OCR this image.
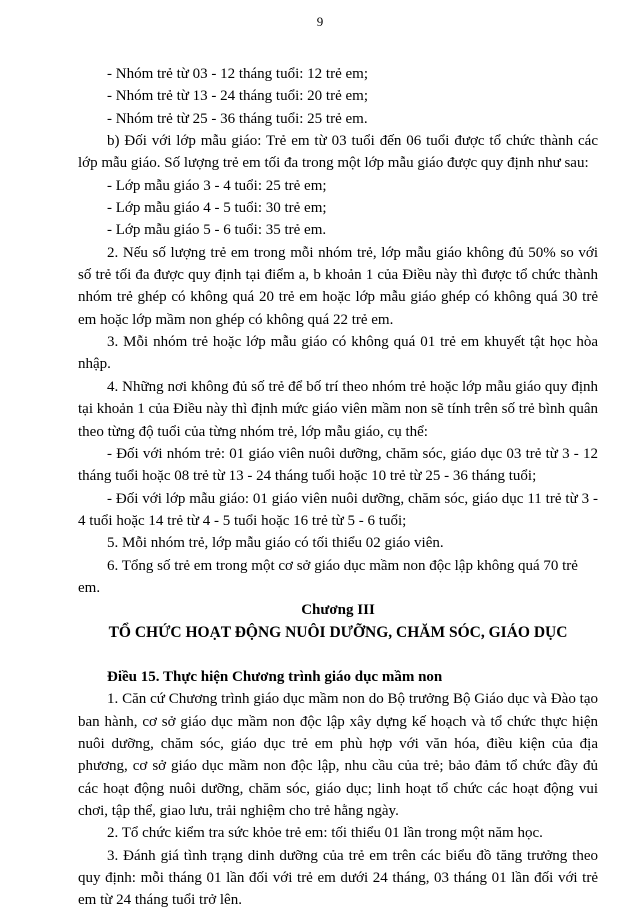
9

- Nhóm trẻ từ 03 - 12 tháng tuổi: 12 trẻ em;

- Nhóm trẻ từ 13 - 24 tháng tuổi: 20 trẻ em;

- Nhóm trẻ từ 25 - 36 tháng tuổi: 25 trẻ em.

b) Đối với lớp mẫu giáo: Trẻ em từ 03 tuổi đến 06 tuổi được tổ chức thành các lớp mẫu giáo. Số lượng trẻ em tối đa trong một lớp mẫu giáo được quy định như sau:

- Lớp mẫu giáo 3 - 4 tuổi: 25 trẻ em;

- Lớp mẫu giáo 4 - 5 tuổi: 30 trẻ em;

- Lớp mẫu giáo 5 - 6 tuổi: 35 trẻ em.

2. Nếu số lượng trẻ em trong mỗi nhóm trẻ, lớp mẫu giáo không đủ 50% so với số trẻ tối đa được quy định tại điểm a, b khoản 1 của Điều này thì được tổ chức thành nhóm trẻ ghép có không quá 20 trẻ em hoặc lớp mẫu giáo ghép có không quá 30 trẻ em hoặc lớp mầm non ghép có không quá 22 trẻ em.

3. Mỗi nhóm trẻ hoặc lớp mẫu giáo có không quá 01 trẻ em khuyết tật học hòa nhập.

4. Những nơi không đủ số trẻ để bố trí theo nhóm trẻ hoặc lớp mẫu giáo quy định tại khoản 1 của Điều này thì định mức giáo viên mầm non sẽ tính trên số trẻ bình quân theo từng độ tuổi của từng nhóm trẻ, lớp mẫu giáo, cụ thể:

- Đối với nhóm trẻ: 01 giáo viên nuôi dưỡng, chăm sóc, giáo dục 03 trẻ từ 3 - 12 tháng tuổi hoặc 08 trẻ từ 13 - 24 tháng tuổi hoặc 10 trẻ từ 25 - 36 tháng tuổi;

- Đối với lớp mẫu giáo: 01 giáo viên nuôi dưỡng, chăm sóc, giáo dục 11 trẻ từ 3 - 4 tuổi hoặc 14 trẻ từ 4 - 5 tuổi hoặc 16 trẻ từ 5 - 6 tuổi;

5. Mỗi nhóm trẻ, lớp mẫu giáo có tối thiểu 02 giáo viên.

6. Tổng số trẻ em trong một cơ sở giáo dục mầm non độc lập không quá 70 trẻ em.

Chương III

TỔ CHỨC HOẠT ĐỘNG NUÔI DƯỠNG, CHĂM SÓC, GIÁO DỤC

Điều 15. Thực hiện Chương trình giáo dục mầm non

1. Căn cứ Chương trình giáo dục mầm non do Bộ trưởng Bộ Giáo dục và Đào tạo ban hành, cơ sở giáo dục mầm non độc lập xây dựng kế hoạch và tổ chức thực hiện nuôi dưỡng, chăm sóc, giáo dục trẻ em phù hợp với văn hóa, điều kiện của địa phương, cơ sở giáo dục mầm non độc lập, nhu cầu của trẻ; bảo đảm tổ chức đầy đủ các hoạt động nuôi dưỡng, chăm sóc, giáo dục; linh hoạt tổ chức các hoạt động vui chơi, tập thể, giao lưu, trải nghiệm cho trẻ hằng ngày.

2. Tổ chức kiểm tra sức khỏe trẻ em: tối thiểu 01 lần trong một năm học.

3. Đánh giá tình trạng dinh dưỡng của trẻ em trên các biểu đồ tăng trưởng theo quy định: mỗi tháng 01 lần đối với trẻ em dưới 24 tháng, 03 tháng 01 lần đối với trẻ em từ 24 tháng tuổi trở lên.
